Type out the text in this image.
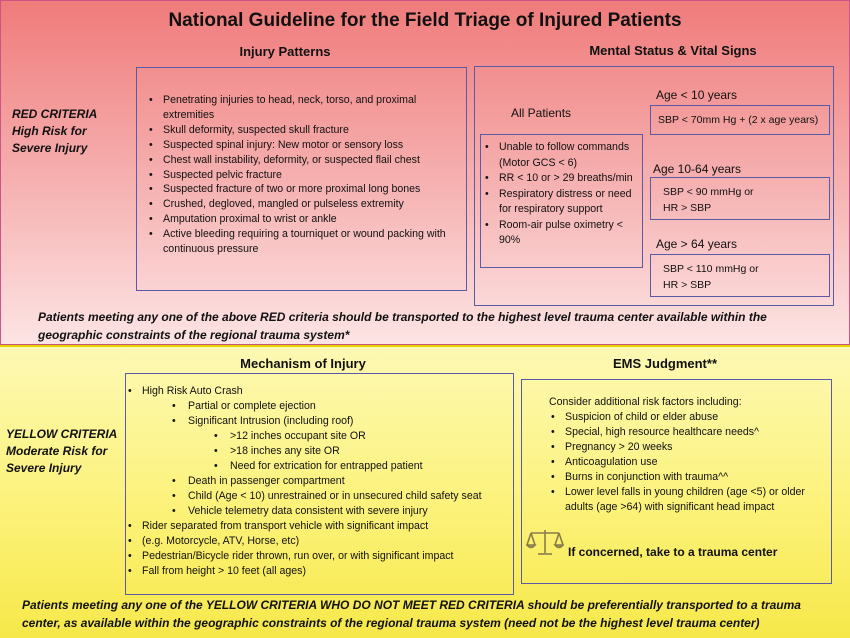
National Guideline for the Field Triage of Injured Patients
RED CRITERIA
High Risk for
Severe Injury
Injury Patterns	Mental Status & Vital Signs
• Penetrating injuries to head, neck, torso, and proximal extremities
• Skull deformity, suspected skull fracture
• Suspected spinal injury: New motor or sensory loss
• Chest wall instability, deformity, or suspected flail chest
• Suspected pelvic fracture
• Suspected fracture of two or more proximal long bones
• Crushed, degloved, mangled or pulseless extremity
• Amputation proximal to wrist or ankle
• Active bleeding requiring a tourniquet or wound packing with continuous pressure
All Patients
• Unable to follow commands (Motor GCS < 6)
• RR < 10 or > 29 breaths/min
• Respiratory distress or need for respiratory support
• Room-air pulse oximetry < 90%
Age < 10 years
SBP < 70mm Hg + (2 x age years)
Age 10-64 years
SBP < 90 mmHg or
HR > SBP
Age > 64 years
SBP < 110 mmHg or
HR > SBP
Patients meeting any one of the above RED criteria should be transported to the highest level trauma center available within the geographic constraints of the regional trauma system*
YELLOW CRITERIA
Moderate Risk for
Severe Injury
Mechanism of Injury	EMS Judgment**
• High Risk Auto Crash
• Partial or complete ejection
• Significant Intrusion (including roof)
• >12 inches occupant site OR
• >18 inches any site OR
• Need for extrication for entrapped patient
• Death in passenger compartment
• Child (Age < 10) unrestrained or in unsecured child safety seat
• Vehicle telemetry data consistent with severe injury
• Rider separated from transport vehicle with significant impact
• (e.g. Motorcycle, ATV, Horse, etc)
• Pedestrian/Bicycle rider thrown, run over, or with significant impact
• Fall from height > 10 feet (all ages)
Consider additional risk factors including:
• Suspicion of child or elder abuse
• Special, high resource healthcare needs^
• Pregnancy > 20 weeks
• Anticoagulation use
• Burns in conjunction with trauma^^
• Lower level falls in young children (age <5) or older adults (age >64) with significant head impact
If concerned, take to a trauma center
Patients meeting any one of the YELLOW CRITERIA WHO DO NOT MEET RED CRITERIA should be preferentially transported to a trauma center, as available within the geographic constraints of the regional trauma system (need not be the highest level trauma center)
